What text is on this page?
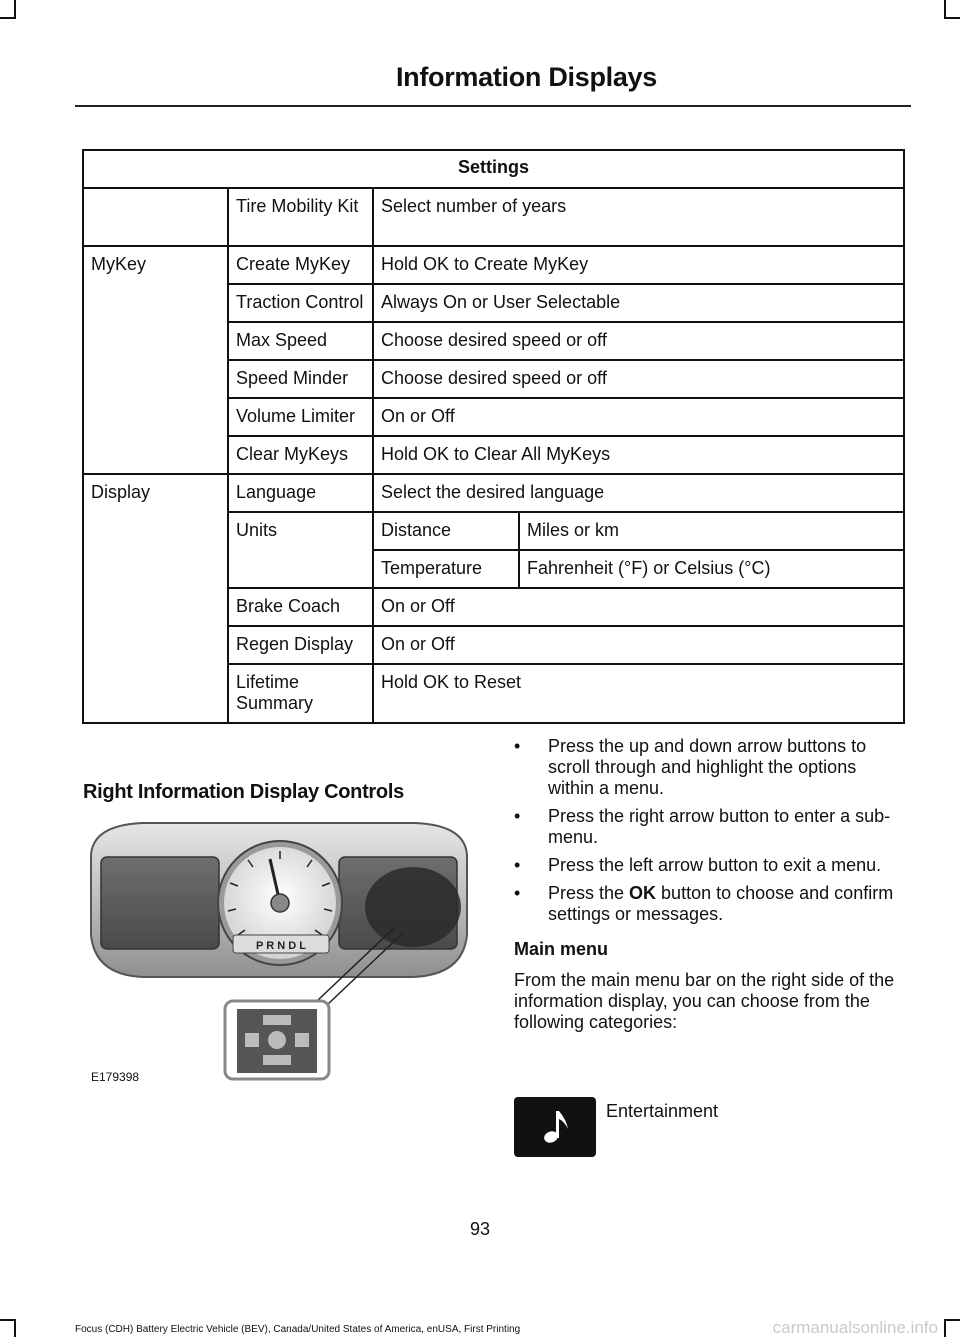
Information Displays
Settings			
	Tire Mobility Kit	Select number of years	
MyKey	Create MyKey	Hold OK to Create MyKey	
	Traction Control	Always On or User Selectable	
	Max Speed	Choose desired speed or off	
	Speed Minder	Choose desired speed or off	
	Volume Limiter	On or Off	
	Clear MyKeys	Hold OK to Clear All MyKeys	
Display	Language	Select the desired language	
	Units	Distance	Miles or km
		Temperature	Fahrenheit (°F) or Celsius (°C)
	Brake Coach	On or Off	
	Regen Display	On or Off	
	Lifetime Summary	Hold OK to Reset	
Right Information Display Controls
P R N D L
E179398
• Press the up and down arrow buttons to scroll through and highlight the options within a menu.
• Press the right arrow button to enter a sub-menu.
• Press the left arrow button to exit a menu.
• Press the OK button to choose and confirm settings or messages.
Main menu
From the main menu bar on the right side of the information display, you can choose from the following categories:
Entertainment
93
Focus (CDH) Battery Electric Vehicle (BEV), Canada/United States of America, enUSA, First Printing	carmanualsonline.info
